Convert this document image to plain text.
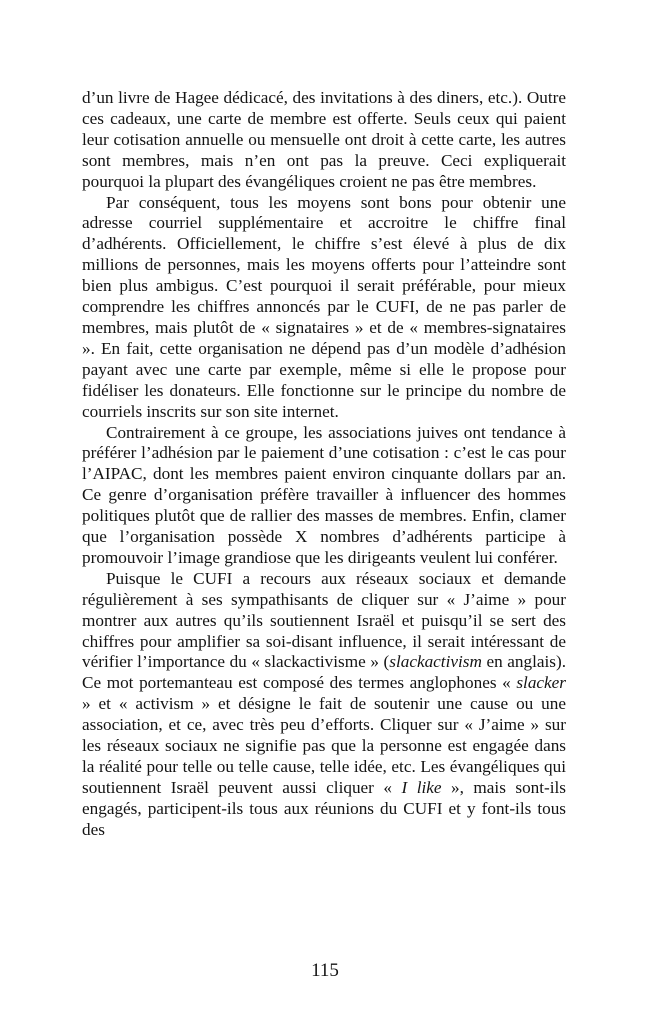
d’un livre de Hagee dédicacé, des invitations à des diners, etc.). Outre ces cadeaux, une carte de membre est offerte. Seuls ceux qui paient leur cotisation annuelle ou mensuelle ont droit à cette carte, les autres sont membres, mais n’en ont pas la preuve. Ceci expliquerait pourquoi la plupart des évangéliques croient ne pas être membres.

Par conséquent, tous les moyens sont bons pour obtenir une adresse courriel supplémentaire et accroitre le chiffre final d’adhérents. Officiellement, le chiffre s’est élevé à plus de dix millions de personnes, mais les moyens offerts pour l’atteindre sont bien plus ambigus. C’est pourquoi il serait préférable, pour mieux comprendre les chiffres annoncés par le CUFI, de ne pas parler de membres, mais plutôt de « signataires » et de « membres-signataires ». En fait, cette organisation ne dépend pas d’un modèle d’adhésion payant avec une carte par exemple, même si elle le propose pour fidéliser les donateurs. Elle fonctionne sur le principe du nombre de courriels inscrits sur son site internet.

Contrairement à ce groupe, les associations juives ont tendance à préférer l’adhésion par le paiement d’une cotisation : c’est le cas pour l’AIPAC, dont les membres paient environ cinquante dollars par an. Ce genre d’organisation préfère travailler à influencer des hommes politiques plutôt que de rallier des masses de membres. Enfin, clamer que l’organisation possède X nombres d’adhérents participe à promouvoir l’image grandiose que les dirigeants veulent lui conférer.

Puisque le CUFI a recours aux réseaux sociaux et demande régulièrement à ses sympathisants de cliquer sur « J’aime » pour montrer aux autres qu’ils soutiennent Israël et puisqu’il se sert des chiffres pour amplifier sa soi-disant influence, il serait intéressant de vérifier l’importance du « slackactivisme » (slackactivism en anglais). Ce mot portemanteau est composé des termes anglophones « slacker » et « activism » et désigne le fait de soutenir une cause ou une association, et ce, avec très peu d’efforts. Cliquer sur « J’aime » sur les réseaux sociaux ne signifie pas que la personne est engagée dans la réalité pour telle ou telle cause, telle idée, etc. Les évangéliques qui soutiennent Israël peuvent aussi cliquer « I like », mais sont-ils engagés, participent-ils tous aux réunions du CUFI et y font-ils tous des

115
